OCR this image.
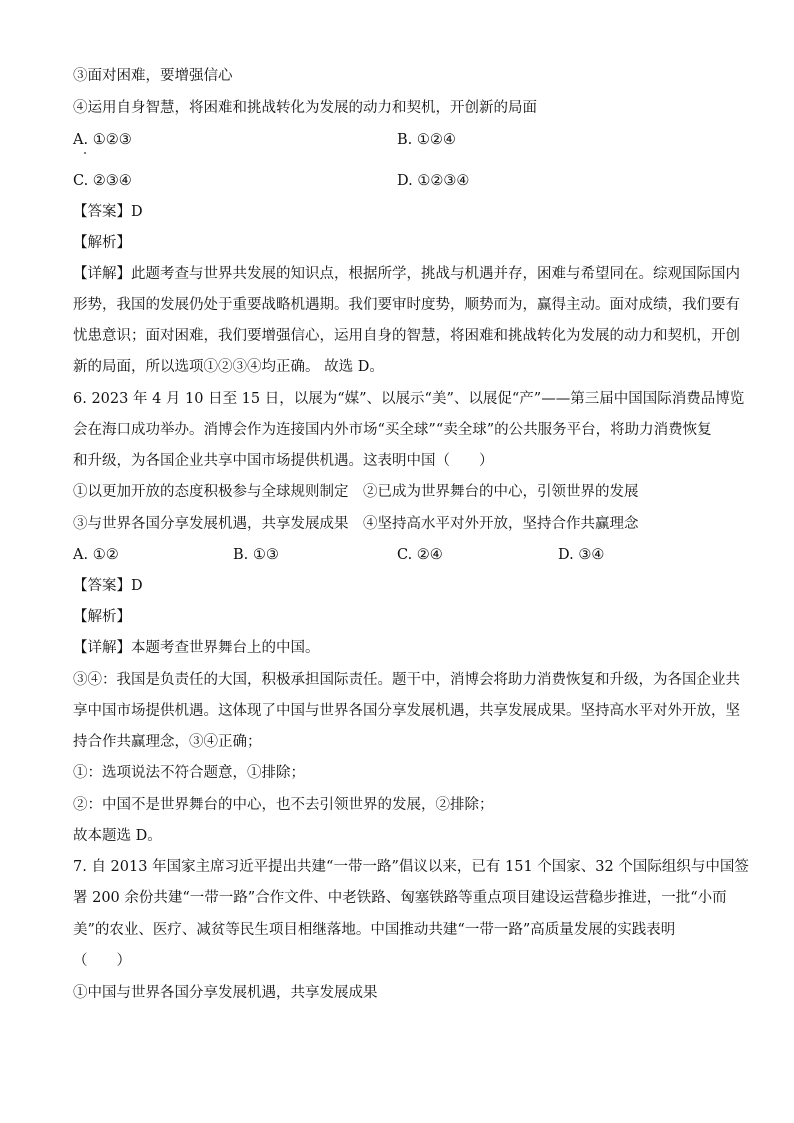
③面对困难，要增强信心
④运用自身智慧，将困难和挑战转化为发展的动力和契机，开创新的局面
A. ①②③	B. ①②④
C. ②③④	D. ①②③④
【答案】D
【解析】
【详解】此题考查与世界共发展的知识点，根据所学，挑战与机遇并存，困难与希望同在。综观国际国内
形势，我国的发展仍处于重要战略机遇期。我们要审时度势，顺势而为，赢得主动。面对成绩，我们要有
忧患意识；面对困难，我们要增强信心，运用自身的智慧，将困难和挑战转化为发展的动力和契机，开创
新的局面，所以选项①②③④均正确。 故选 D。
6. 2023 年 4 月 10 日至 15 日，以展为“媒”、以展示“美”、以展促“产”——第三届中国国际消费品博览
会在海口成功举办。消博会作为连接国内外市场“买全球”“卖全球”的公共服务平台，将助力消费恢复
和升级，为各国企业共享中国市场提供机遇。这表明中国（　　）
①以更加开放的态度积极参与全球规则制定　②已成为世界舞台的中心，引领世界的发展
③与世界各国分享发展机遇，共享发展成果　④坚持高水平对外开放，坚持合作共赢理念
A. ①②	B. ①③	C. ②④	D. ③④
【答案】D
【解析】
【详解】本题考查世界舞台上的中国。
③④：我国是负责任的大国，积极承担国际责任。题干中，消博会将助力消费恢复和升级，为各国企业共
享中国市场提供机遇。这体现了中国与世界各国分享发展机遇，共享发展成果。坚持高水平对外开放，坚
持合作共赢理念，③④正确；
①：选项说法不符合题意，①排除；
②：中国不是世界舞台的中心，也不去引领世界的发展，②排除；
故本题选 D。
7. 自 2013 年国家主席习近平提出共建“一带一路”倡议以来，已有 151 个国家、32 个国际组织与中国签
署 200 余份共建“一带一路”合作文件、中老铁路、匈塞铁路等重点项目建设运营稳步推进，一批“小而
美”的农业、医疗、减贫等民生项目相继落地。中国推动共建“一带一路”高质量发展的实践表明
（　　）
①中国与世界各国分享发展机遇，共享发展成果
